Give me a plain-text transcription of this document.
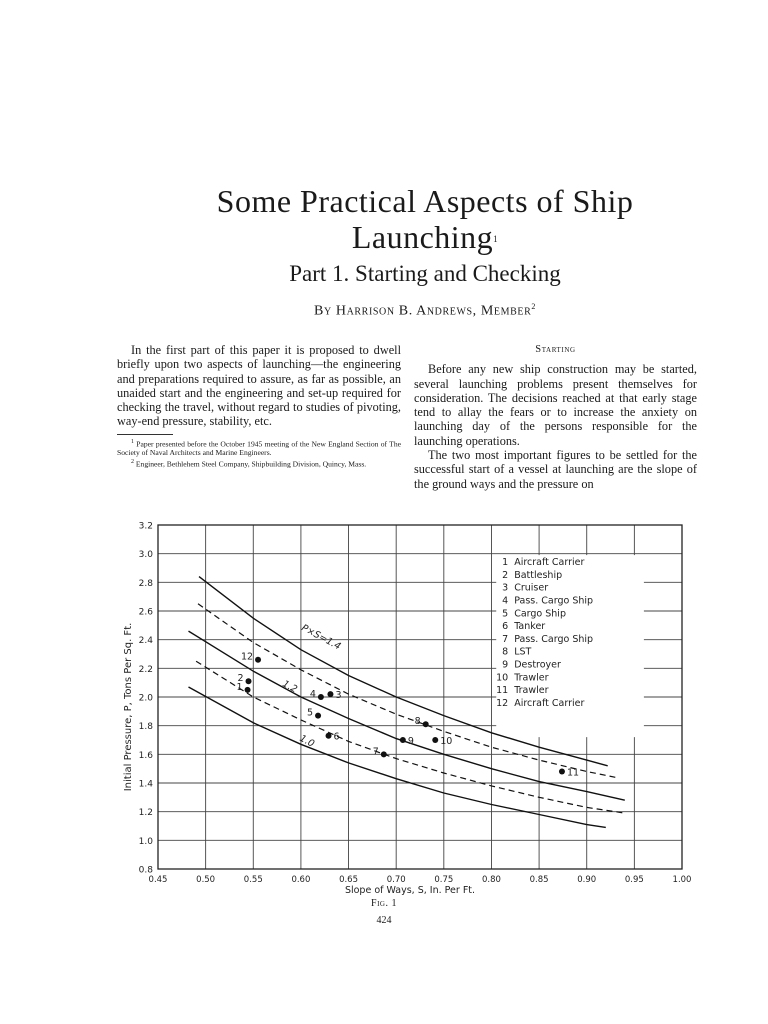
Some Practical Aspects of Ship
Launching$^1$
Part 1. Starting and Checking
By Harrison B. Andrews, Member$^2$

In the first part of this paper it is proposed to dwell briefly upon two aspects of launching—the engineering and preparations required to assure, as far as possible, an unaided start and the engineering and set-up required for checking the travel, without regard to studies of pivoting, way-end pressure, stability, etc.

$^1$ Paper presented before the October 1945 meeting of the New England Section of The Society of Naval Architects and Marine Engineers.

$^2$ Engineer, Bethlehem Steel Company, Shipbuilding Division, Quincy, Mass.

Starting

Before any new ship construction may be started, several launching problems present themselves for consideration. The decisions reached at that early stage tend to allay the fears or to increase the anxiety on launching day of the persons responsible for the launching operations.

The two most important figures to be settled for the successful start of a vessel at launching are the slope of the ground ways and the pressure on

0.45	0.50	0.55	0.60	0.65	0.70	0.75	0.80	0.85	0.90	0.95	1.00
0.8
1.0
1.2
1.4
1.6
1.8
2.0
2.2
2.4
2.6
2.8
3.0
3.2
Slope of Ways, S, In. Per Ft.
Initial Pressure, P, Tons Per Sq. Ft.
1 Aircraft Carrier
2 Battleship
3 Cruiser
4 Pass. Cargo Ship
5 Cargo Ship
6 Tanker
7 Pass. Cargo Ship
8 LST
9 Destroyer
10 Trawler
11 Trawler
12 Aircraft Carrier
P×S=1.4
1.2
1.0
1
2
3
4
5
6
7
8
9	10
11
12
Fig. 1
424
